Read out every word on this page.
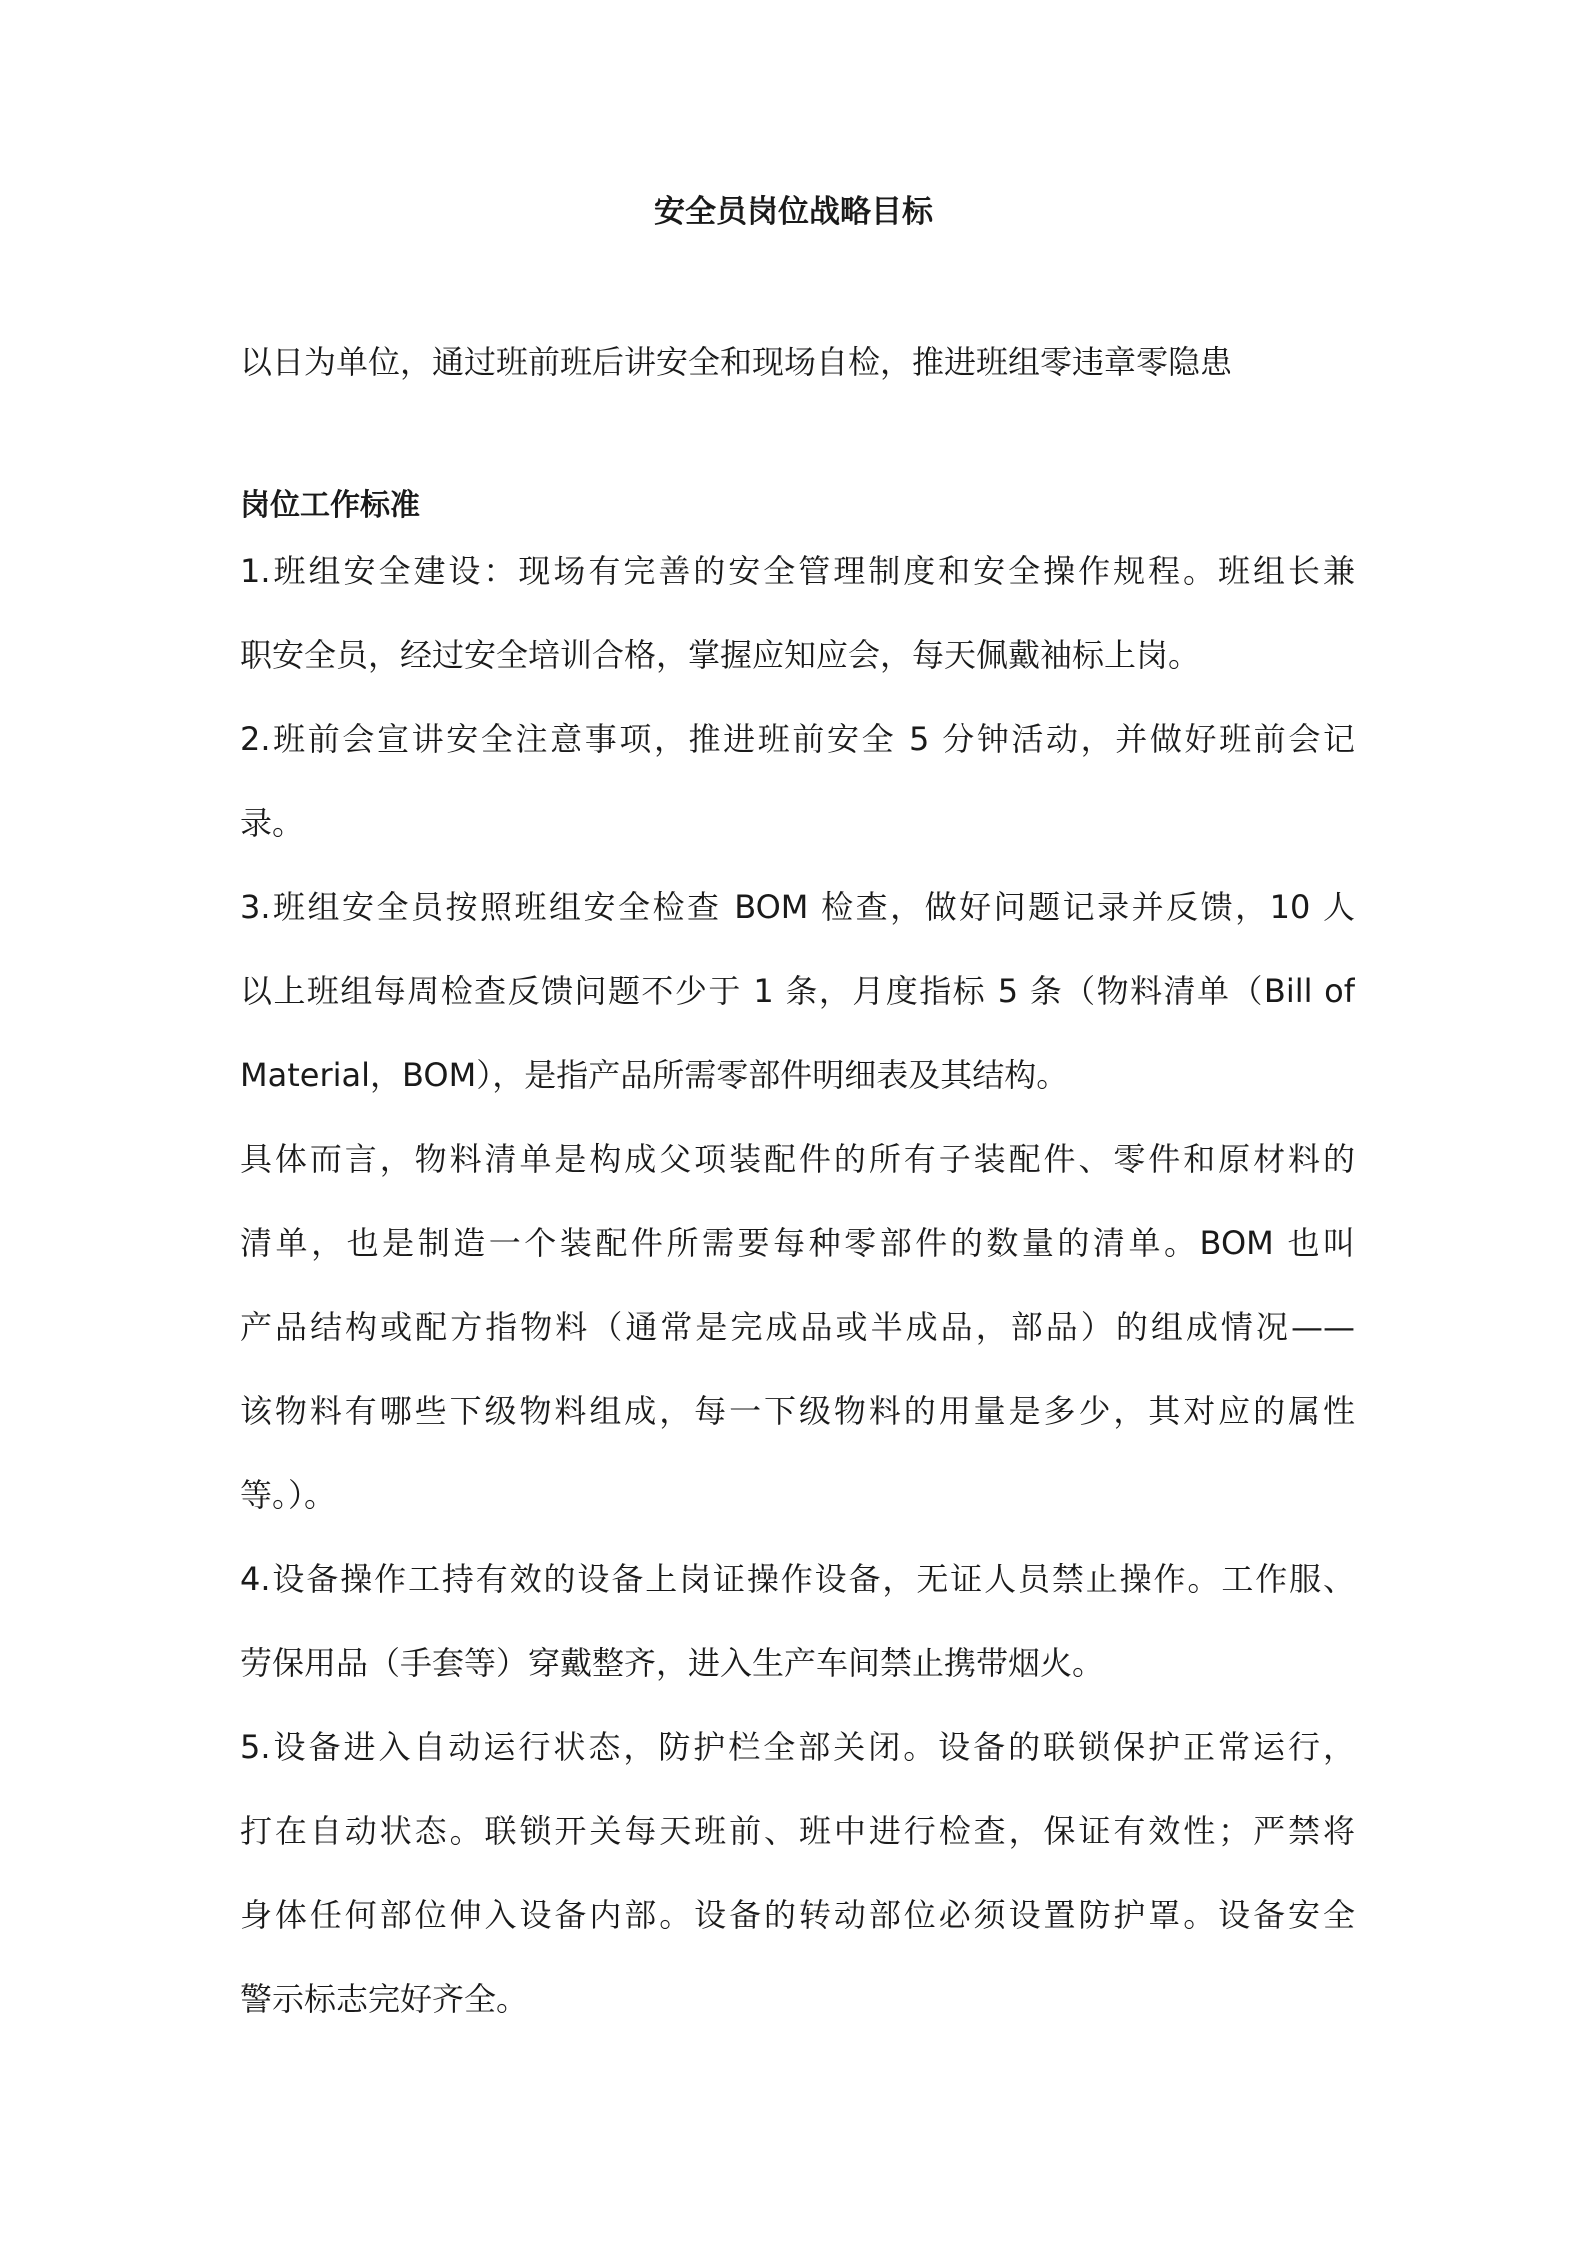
安全员岗位战略目标

以日为单位，通过班前班后讲安全和现场自检，推进班组零违章零隐患

岗位工作标准
1.班组安全建设：现场有完善的安全管理制度和安全操作规程。班组长兼
职安全员，经过安全培训合格，掌握应知应会，每天佩戴袖标上岗。
2.班前会宣讲安全注意事项，推进班前安全 5 分钟活动，并做好班前会记
录。
3.班组安全员按照班组安全检查 BOM 检查，做好问题记录并反馈，10 人
以上班组每周检查反馈问题不少于 1 条，月度指标 5 条（物料清单（Bill of
Material，BOM），是指产品所需零部件明细表及其结构。
具体而言，物料清单是构成父项装配件的所有子装配件、零件和原材料的
清单，也是制造一个装配件所需要每种零部件的数量的清单。BOM 也叫
产品结构或配方指物料（通常是完成品或半成品，部品）的组成情况——
该物料有哪些下级物料组成，每一下级物料的用量是多少，其对应的属性
等。）。
4.设备操作工持有效的设备上岗证操作设备，无证人员禁止操作。工作服、
劳保用品（手套等）穿戴整齐，进入生产车间禁止携带烟火。
5.设备进入自动运行状态，防护栏全部关闭。设备的联锁保护正常运行，
打在自动状态。联锁开关每天班前、班中进行检查，保证有效性；严禁将
身体任何部位伸入设备内部。设备的转动部位必须设置防护罩。设备安全
警示标志完好齐全。
